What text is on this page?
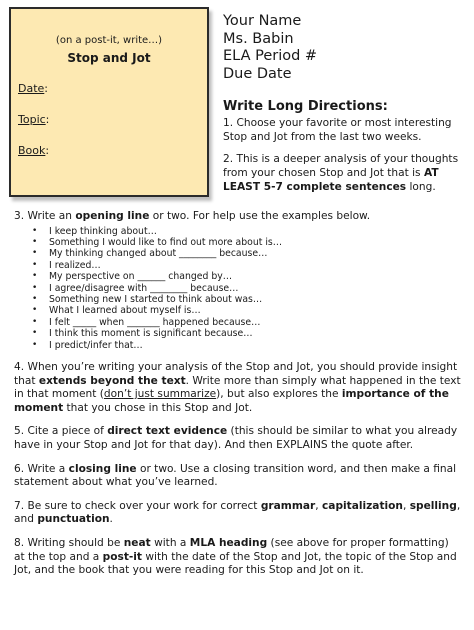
(on a post-it, write…)
Stop and Jot
Date:
Topic:
Book:
Your Name
Ms. Babin
ELA Period #
Due Date
Write Long Directions:
1. Choose your favorite or most interesting Stop and Jot from the last two weeks.
2. This is a deeper analysis of your thoughts from your chosen Stop and Jot that is AT LEAST 5-7 complete sentences long.
3. Write an opening line or two. For help use the examples below.
• I keep thinking about…
• Something I would like to find out more about is…
• My thinking changed about ________ because…
• I realized…
• My perspective on ______ changed by…
• I agree/disagree with ________ because…
• Something new I started to think about was…
• What I learned about myself is…
• I felt _____ when _______ happened because…
• I think this moment is significant because…
• I predict/infer that…
4. When you’re writing your analysis of the Stop and Jot, you should provide insight that extends beyond the text. Write more than simply what happened in the text in that moment (don’t just summarize), but also explores the importance of the moment that you chose in this Stop and Jot.
5. Cite a piece of direct text evidence (this should be similar to what you already have in your Stop and Jot for that day). And then EXPLAINS the quote after.
6. Write a closing line or two. Use a closing transition word, and then make a final statement about what you’ve learned.
7. Be sure to check over your work for correct grammar, capitalization, spelling, and punctuation.
8. Writing should be neat with a MLA heading (see above for proper formatting) at the top and a post-it with the date of the Stop and Jot, the topic of the Stop and Jot, and the book that you were reading for this Stop and Jot on it.
